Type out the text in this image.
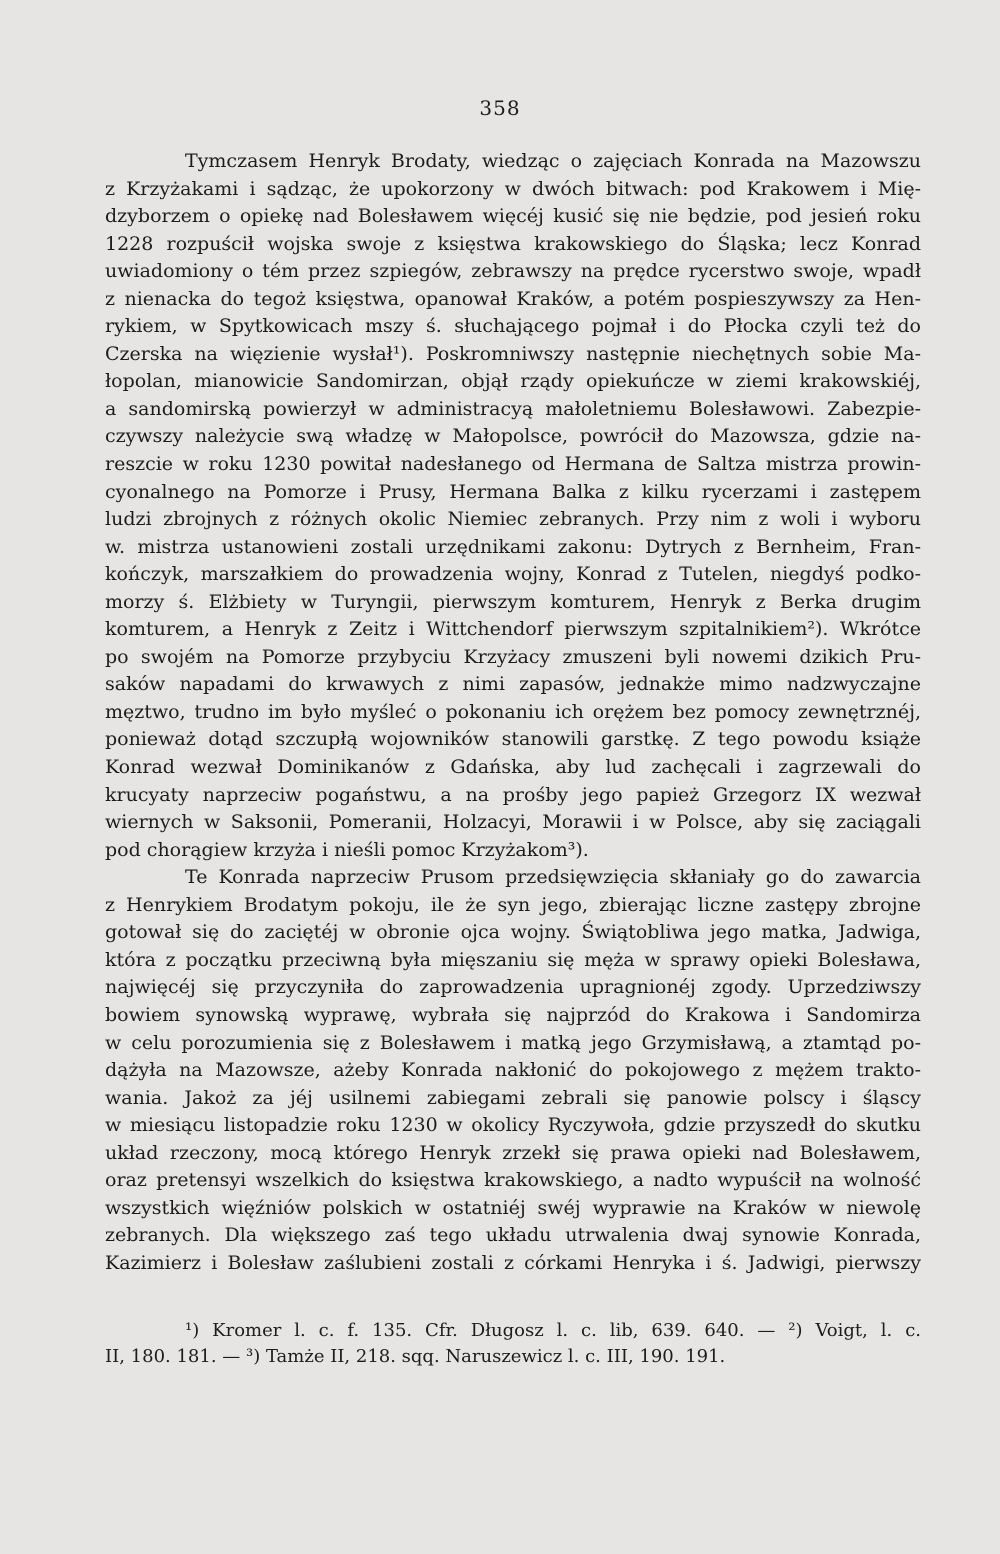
358
Tymczasem Henryk Brodaty, wiedząc o zajęciach Konrada na Mazowszu
z Krzyżakami i sądząc, że upokorzony w dwóch bitwach: pod Krakowem i Mię-
dzyborzem o opiekę nad Bolesławem więcéj kusić się nie będzie, pod jesień roku
1228 rozpuścił wojska swoje z księstwa krakowskiego do Śląska; lecz Konrad
uwiadomiony o tém przez szpiegów, zebrawszy na prędce rycerstwo swoje, wpadł
z nienacka do tegoż księstwa, opanował Kraków, a potém pospieszywszy za Hen-
rykiem, w Spytkowicach mszy ś. słuchającego pojmał i do Płocka czyli też do
Czerska na więzienie wysłał¹). Poskromniwszy następnie niechętnych sobie Ma-
łopolan, mianowicie Sandomirzan, objął rządy opiekuńcze w ziemi krakowskiéj,
a sandomirską powierzył w administracyą małoletniemu Bolesławowi. Zabezpie-
czywszy należycie swą władzę w Małopolsce, powrócił do Mazowsza, gdzie na-
reszcie w roku 1230 powitał nadesłanego od Hermana de Saltza mistrza prowin-
cyonalnego na Pomorze i Prusy, Hermana Balka z kilku rycerzami i zastępem
ludzi zbrojnych z różnych okolic Niemiec zebranych. Przy nim z woli i wyboru
w. mistrza ustanowieni zostali urzędnikami zakonu: Dytrych z Bernheim, Fran-
kończyk, marszałkiem do prowadzenia wojny, Konrad z Tutelen, niegdyś podko-
morzy ś. Elżbiety w Turyngii, pierwszym komturem, Henryk z Berka drugim
komturem, a Henryk z Zeitz i Wittchendorf pierwszym szpitalnikiem²). Wkrótce
po swojém na Pomorze przybyciu Krzyżacy zmuszeni byli nowemi dzikich Pru-
saków napadami do krwawych z nimi zapasów, jednakże mimo nadzwyczajne
męztwo, trudno im było myśleć o pokonaniu ich orężem bez pomocy zewnętrznéj,
ponieważ dotąd szczupłą wojowników stanowili garstkę. Z tego powodu książe
Konrad wezwał Dominikanów z Gdańska, aby lud zachęcali i zagrzewali do
krucyaty naprzeciw pogaństwu, a na prośby jego papież Grzegorz IX wezwał
wiernych w Saksonii, Pomeranii, Holzacyi, Morawii i w Polsce, aby się zaciągali
pod chorągiew krzyża i nieśli pomoc Krzyżakom³).
Te Konrada naprzeciw Prusom przedsięwzięcia skłaniały go do zawarcia
z Henrykiem Brodatym pokoju, ile że syn jego, zbierając liczne zastępy zbrojne
gotował się do zaciętéj w obronie ojca wojny. Świątobliwa jego matka, Jadwiga,
która z początku przeciwną była mięszaniu się męża w sprawy opieki Bolesława,
najwięcéj się przyczyniła do zaprowadzenia upragnionéj zgody. Uprzedziwszy
bowiem synowską wyprawę, wybrała się najprzód do Krakowa i Sandomirza
w celu porozumienia się z Bolesławem i matką jego Grzymisławą, a ztamtąd po-
dążyła na Mazowsze, ażeby Konrada nakłonić do pokojowego z mężem trakto-
wania. Jakoż za jéj usilnemi zabiegami zebrali się panowie polscy i śląscy
w miesiącu listopadzie roku 1230 w okolicy Ryczywoła, gdzie przyszedł do skutku
układ rzeczony, mocą którego Henryk zrzekł się prawa opieki nad Bolesławem,
oraz pretensyi wszelkich do księstwa krakowskiego, a nadto wypuścił na wolność
wszystkich więźniów polskich w ostatniéj swéj wyprawie na Kraków w niewolę
zebranych. Dla większego zaś tego układu utrwalenia dwaj synowie Konrada,
Kazimierz i Bolesław zaślubieni zostali z córkami Henryka i ś. Jadwigi, pierwszy
¹) Kromer l. c. f. 135. Cfr. Długosz l. c. lib, 639. 640. — ²) Voigt, l. c.
II, 180. 181. — ³) Tamże II, 218. sqq. Naruszewicz l. c. III, 190. 191.
